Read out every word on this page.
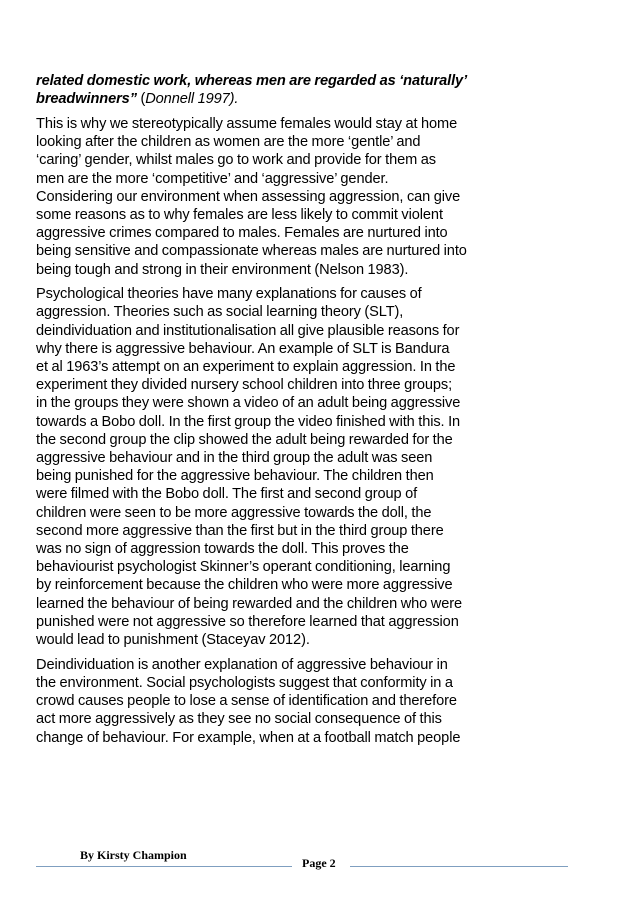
related domestic work, whereas men are regarded as ‘naturally’
breadwinners” (Donnell 1997).
This is why we stereotypically assume females would stay at home
looking after the children as women are the more ‘gentle’ and
‘caring’ gender, whilst males go to work and provide for them as
men are the more ‘competitive’ and ‘aggressive’ gender.
Considering our environment when assessing aggression, can give
some reasons as to why females are less likely to commit violent
aggressive crimes compared to males. Females are nurtured into
being sensitive and compassionate whereas males are nurtured into
being tough and strong in their environment (Nelson 1983).
Psychological theories have many explanations for causes of
aggression. Theories such as social learning theory (SLT),
deindividuation and institutionalisation all give plausible reasons for
why there is aggressive behaviour. An example of SLT is Bandura
et al 1963’s attempt on an experiment to explain aggression. In the
experiment they divided nursery school children into three groups;
in the groups they were shown a video of an adult being aggressive
towards a Bobo doll. In the first group the video finished with this. In
the second group the clip showed the adult being rewarded for the
aggressive behaviour and in the third group the adult was seen
being punished for the aggressive behaviour. The children then
were filmed with the Bobo doll. The first and second group of
children were seen to be more aggressive towards the doll, the
second more aggressive than the first but in the third group there
was no sign of aggression towards the doll. This proves the
behaviourist psychologist Skinner’s operant conditioning, learning
by reinforcement because the children who were more aggressive
learned the behaviour of being rewarded and the children who were
punished were not aggressive so therefore learned that aggression
would lead to punishment (Staceyav 2012).
Deindividuation is another explanation of aggressive behaviour in
the environment. Social psychologists suggest that conformity in a
crowd causes people to lose a sense of identification and therefore
act more aggressively as they see no social consequence of this
change of behaviour. For example, when at a football match people
By Kirsty Champion
Page 2
